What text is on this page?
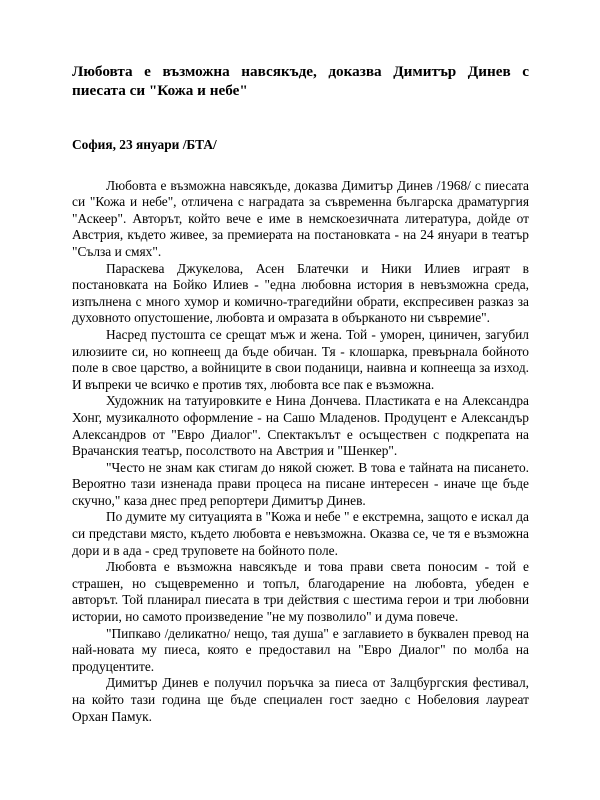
Любовта е възможна навсякъде, доказва Димитър Динев с пиесата си "Кожа и небе"
София, 23 януари /БТА/

Любовта е възможна навсякъде, доказва Димитър Динев /1968/ с пиесата си "Кожа и небе", отличена с наградата за съвременна българска драматургия "Аскеер". Авторът, който вече е име в немскоезичната литература, дойде от Австрия, където живее, за премиерата на постановката - на 24 януари в театър "Сълза и смях".

Параскева Джукелова, Асен Блатечки и Ники Илиев играят в постановката на Бойко Илиев - "една любовна история в невъзможна среда, изпълнена с много хумор и комично-трагедийни обрати, експресивен разказ за духовното опустошение, любовта и омразата в обърканото ни съвремие".

Насред пустошта се срещат мъж и жена. Той - уморен, циничен, загубил илюзиите си, но копнеещ да бъде обичан. Тя - клошарка, превърнала бойното поле в свое царство, а войниците в свои поданици, наивна и копнееща за изход. И въпреки че всичко е против тях, любовта все пак е възможна.

Художник на татуировките е Нина Дончева. Пластиката е на Александра Хонг, музикалното оформление - на Сашо Младенов. Продуцент е Александър Александров от "Евро Диалог". Спектакълът е осъществен с подкрепата на Врачанския театър, посолството на Австрия и "Шенкер".

"Често не знам как стигам до някой сюжет. В това е тайната на писането. Вероятно тази изненада прави процеса на писане интересен - иначе ще бъде скучно," каза днес пред репортери Димитър Динев.

По думите му ситуацията в "Кожа и небе " е екстремна, защото е искал да си представи място, където любовта е невъзможна. Оказва се, че тя е възможна дори и в ада - сред труповете на бойното поле.

Любовта е възможна навсякъде и това прави света поносим - той е страшен, но същевременно и топъл, благодарение на любовта, убеден е авторът. Той планирал пиесата в три действия с шестима герои и три любовни истории, но самото произведение "не му позволило" и дума повече.

"Пипкаво /деликатно/ нещо, тая душа" е заглавието в буквален превод на най-новата му пиеса, която е предоставил на "Евро Диалог" по молба на продуцентите.

Димитър Динев е получил поръчка за пиеса от Залцбургския фестивал, на който тази година ще бъде специален гост заедно с Нобеловия лауреат Орхан Памук.
